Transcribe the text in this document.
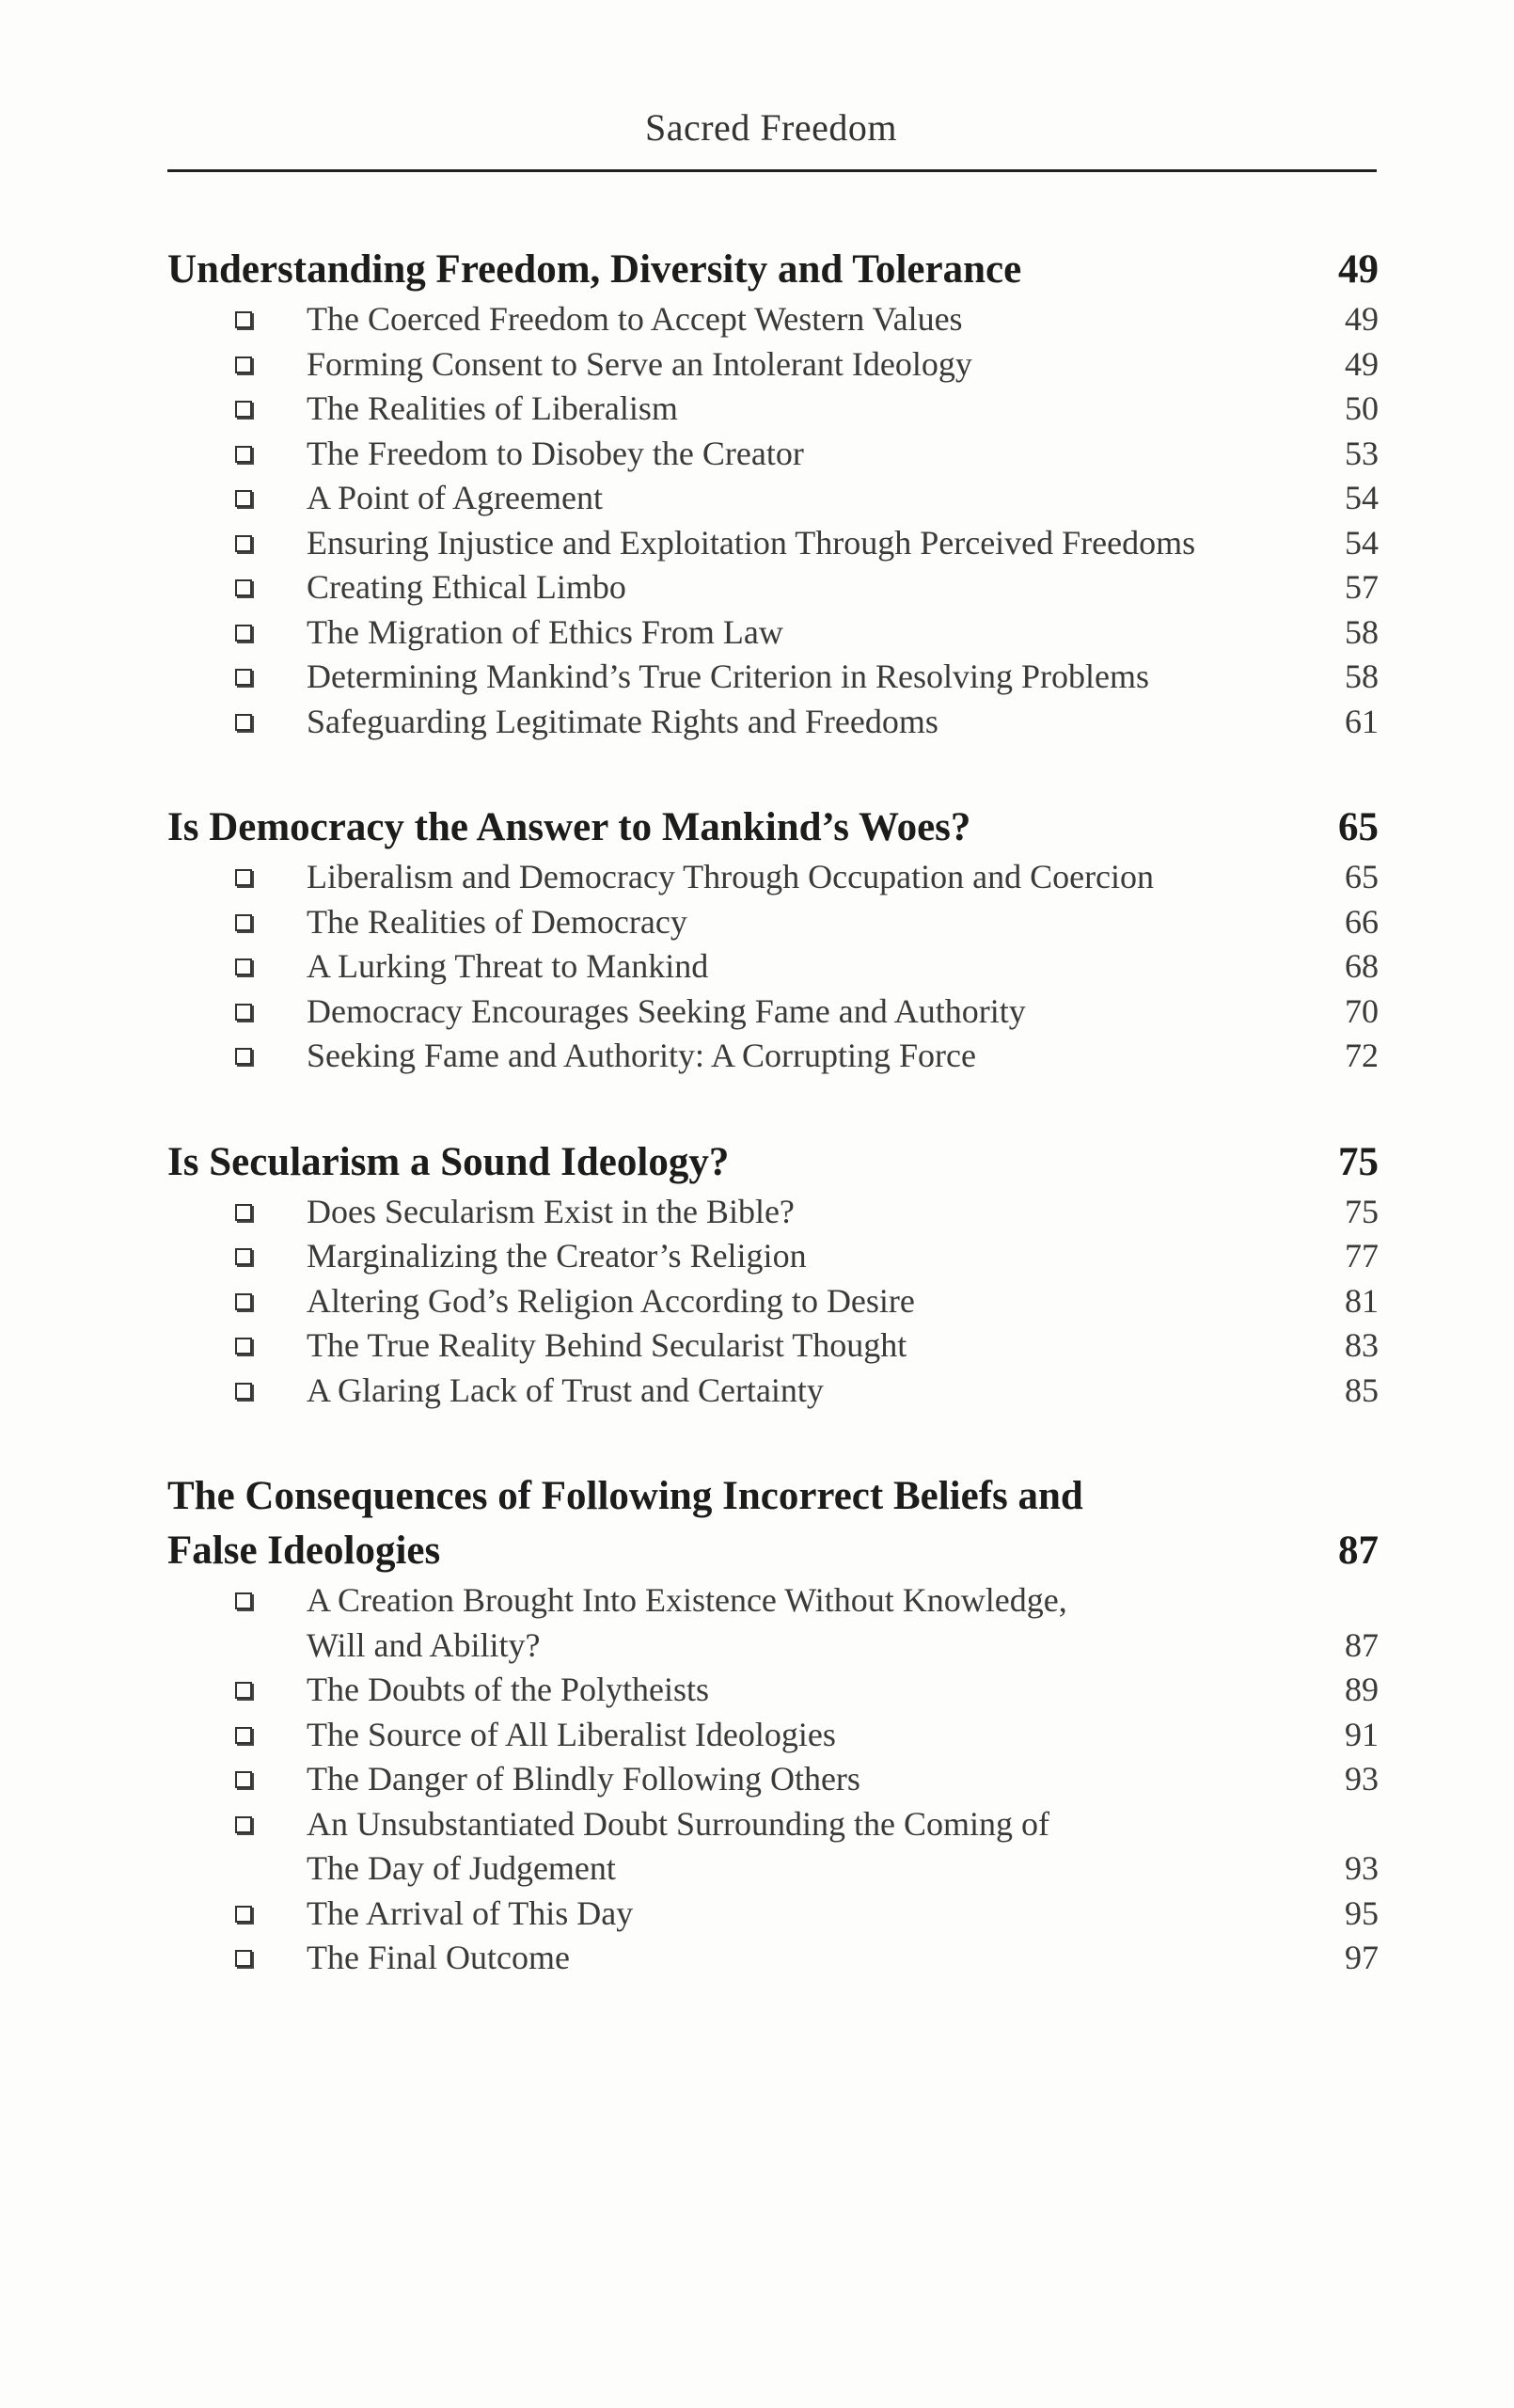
Sacred Freedom
Understanding Freedom, Diversity and Tolerance	49
The Coerced Freedom to Accept Western Values	49
Forming Consent to Serve an Intolerant Ideology	49
The Realities of Liberalism	50
The Freedom to Disobey the Creator	53
A Point of Agreement	54
Ensuring Injustice and Exploitation Through Perceived Freedoms	54
Creating Ethical Limbo	57
The Migration of Ethics From Law	58
Determining Mankind’s True Criterion in Resolving Problems	58
Safeguarding Legitimate Rights and Freedoms	61
Is Democracy the Answer to Mankind’s Woes?	65
Liberalism and Democracy Through Occupation and Coercion	65
The Realities of Democracy	66
A Lurking Threat to Mankind	68
Democracy Encourages Seeking Fame and Authority	70
Seeking Fame and Authority: A Corrupting Force	72
Is Secularism a Sound Ideology?	75
Does Secularism Exist in the Bible?	75
Marginalizing the Creator’s Religion	77
Altering God’s Religion According to Desire	81
The True Reality Behind Secularist Thought	83
A Glaring Lack of Trust and Certainty	85
The Consequences of Following Incorrect Beliefs and
False Ideologies	87
A Creation Brought Into Existence Without Knowledge,
Will and Ability?	87
The Doubts of the Polytheists	89
The Source of All Liberalist Ideologies	91
The Danger of Blindly Following Others	93
An Unsubstantiated Doubt Surrounding the Coming of
The Day of Judgement	93
The Arrival of This Day	95
The Final Outcome	97
